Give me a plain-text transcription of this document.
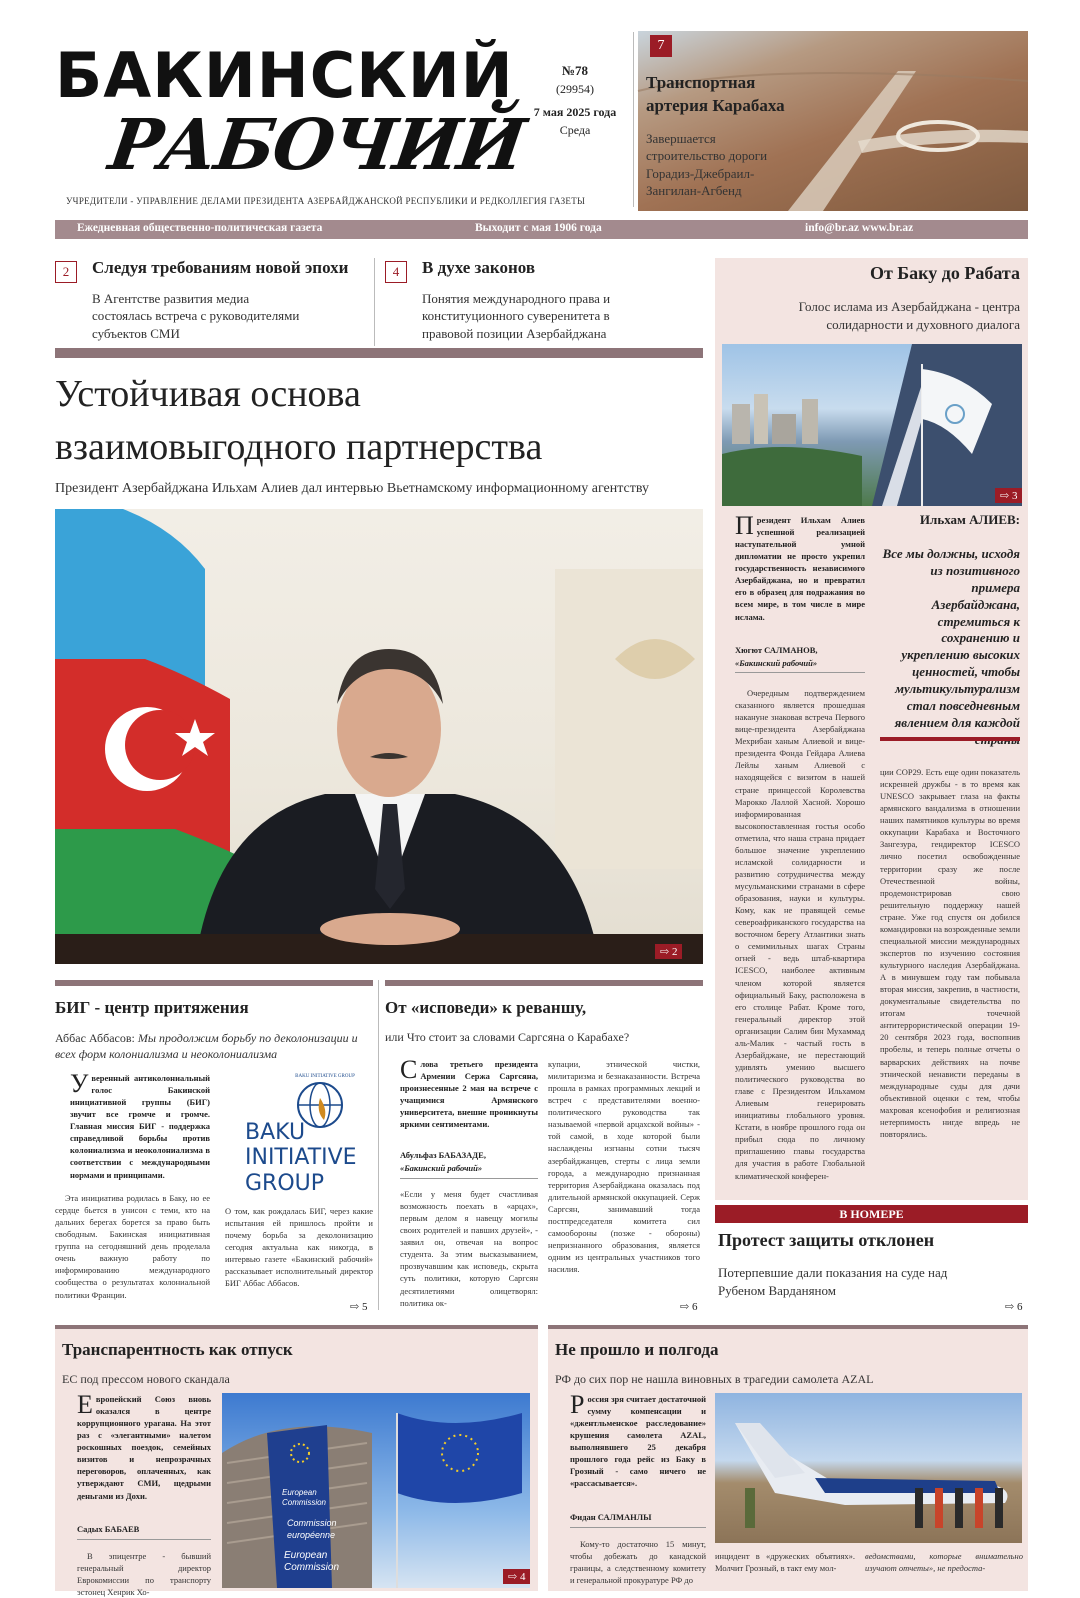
БАКИНСКИЙ
РАБОЧИЙ
№78
(29954)
7 мая 2025 года
Среда
УЧРЕДИТЕЛИ - УПРАВЛЕНИЕ ДЕЛАМИ ПРЕЗИДЕНТА АЗЕРБАЙДЖАНСКОЙ РЕСПУБЛИКИ И РЕДКОЛЛЕГИЯ ГАЗЕТЫ
7
Транспортная артерия Карабаха
Завершается строительство дороги Горадиз-Джебраил-Зангилан-Агбенд
Ежедневная общественно-политическая газета	Выходит с мая 1906 года	info@br.az www.br.az
2	Следуя требованиям новой эпохи
В Агентстве развития медиа состоялась встреча с руководителями субъектов СМИ
4	В духе законов
Понятия международного права и конституционного суверенитета в правовой позиции Азербайджана
Устойчивая основа
взаимовыгодного партнерства
Президент Азербайджана Ильхам Алиев дал интервью Вьетнамскому информационному агентству
⇨ 2
От Баку до Рабата
Голос ислама из Азербайджана - центра солидарности и духовного диалога
⇨ 3
Президент Ильхам Алиев успешной реализацией наступательной умной дипломатии не просто укрепил государственность независимого Азербайджана, но и превратил его в образец для подражания во всем мире, в том числе в мире ислама.
Хюгют САЛМАНОВ,
«Бакинский рабочий»
Ильхам АЛИЕВ:
Все мы должны, исходя из позитивного примера Азербайджана, стремиться к сохранению и укреплению высоких ценностей, чтобы мультикультурализм стал повседневным явлением для каждой
Очередным подтверждением сказанного является прошедшая накануне знаковая встреча Первого вице-президента Азербайджана Мехрибан ханым Алиевой и вице-президента Фонда Гейдара Алиева Лейлы ханым Алиевой с находящейся с визитом в нашей стране принцессой Королевства Марокко Лаллой Хасной. Хорошо информированная высокопоставленная гостья особо отметила, что наша страна придает большое значение укреплению исламской солидарности и развитию сотрудничества между мусульманскими странами в сфере образования, науки и культуры. Кому, как не правящей семье североафриканского государства на восточном берегу Атлантики знать о семимильных шагах Страны огней - ведь штаб-квартира ICESCO, наиболее активным членом которой является официальный Баку, расположена в его столице Рабат. Кроме того, генеральный директор этой организации Салим бин Мухаммад аль-Малик - частый гость в Азербайджане, не перестающий удивлять умению высшего политического руководства во главе с Президентом Ильхамом Алиевым генерировать инициативы глобального уровня. Кстати, в ноябре прошлого года он прибыл сюда по личному приглашению главы государства для участия в работе Глобальной климатической конферен-
ции COP29. Есть еще один показатель искренней дружбы - в то время как UNESCO закрывает глаза на факты армянского вандализма в отношении наших памятников культуры во время оккупации Карабаха и Восточного Зангезура, гендиректор ICESCO лично посетил освобожденные территории сразу же после Отечественной войны, продемонстрировав свою решительную поддержку нашей стране. Уже год спустя он добился командировки на возрожденные земли специальной миссии международных экспертов по изучению состояния культурного наследия Азербайджана. А в минувшем году там побывала вторая миссия, закрепив, в частности, документальные свидетельства по итогам точечной антитеррористической операции 19-20 сентября 2023 года, воспопнив пробелы, и теперь полные отчеты о варварских действиях на почве этнической ненависти переданы в международные суды для дачи объективной оценки с тем, чтобы махровая ксенофобия и религиозная нетерпимость нигде впредь не повторялись.
В НОМЕРЕ
Протест защиты отклонен
Потерпевшие дали показания на суде над Рубеном Варданяном
⇨ 6
БИГ - центр притяжения
Аббас Аббасов: Мы продолжим борьбу по деколонизации и всех форм колониализма и неоколониализма
Уверенный антиколониальный голос Бакинской инициативной группы (БИГ) звучит все громче и громче. Главная миссия БИГ - поддержка справедливой борьбы против колониализма и неоколониализма в соответствии с международными нормами и принципами.
Эта инициатива родилась в Баку, но ее сердце бьется в унисон с теми, кто на дальних берегах борется за право быть свободным. Бакинская инициативная группа на сегодняшний день проделала очень важную работу по информированию международного сообщества о результатах колониальной политики Франции.
BAKU INITIATIVE GROUP
BAKU
INITIATIVE
GROUP
О том, как рождалась БИГ, через какие испытания ей пришлось пройти и почему борьба за деколонизацию сегодня актуальна как никогда, в интервью газете «Бакинский рабочий» рассказывает исполнительный директор БИГ Аббас Аббасов.
⇨ 5
От «исповеди» к реваншу,
или Что стоит за словами Саргсяна о Карабахе?
Слова третьего президента Армении Сержа Саргсяна, произнесенные 2 мая на встрече с учащимися Армянского университета, внешне проникнуты яркими сентиментами.
Абульфаз БАБАЗАДЕ,
«Бакинский рабочий»
«Если у меня будет счастливая возможность поехать в «арцах», первым делом я навещу могилы своих родителей и павших друзей», - заявил он, отвечая на вопрос студента. За этим высказыванием, прозвучавшим как исповедь, скрыта суть политики, которую Саргсян десятилетиями олицетворял: политика ок-
купации, этнической чистки, милитаризма и безнаказанности. Встреча прошла в рамках программных лекций и встреч с представителями военно-политического руководства так называемой «первой арцахской войны» - той самой, в ходе которой были наслаждены изгнаны сотни тысяч азербайджанцев, стерты с лица земли города, а международно признанная территория Азербайджана оказалась под длительной армянской оккупацией. Серж Саргсян, занимавший тогда постпредседателя комитета сил самообороны (позже - обороны) непризнанного образования, является одним из центральных участников того насилия.
⇨ 6
Транспарентность как отпуск
ЕС под прессом нового скандала
Европейский Союз вновь оказался в центре коррупционного урагана. На этот раз с «элегантными» налетом роскошных поездок, семейных визитов и непрозрачных переговоров, оплаченных, как утверждают СМИ, щедрыми деньгами из Дохи.
Садых БАБАЕВ
В эпицентре - бывший генеральный директор Еврокомиссии по транспорту эстонец Хенрик Хо-
European
Commission
Commission
européenne
European
Commission
⇨ 4
Не прошло и полгода
РФ до сих пор не нашла виновных в трагедии самолета AZAL
Россия зря считает достаточной сумму компенсации и «джентльменское расследование» крушения самолета AZAL, выполнявшего 25 декабря прошлого года рейс из Баку в Грозный - само ничего не «рассасывается».
Фидан САЛМАНЛЫ
Кому-то достаточно 15 минут, чтобы добежать до канадской границы, а следственному комитету и генеральной прокуратуре РФ до
инцидент в «дружеских объятиях». Молчит Грозный, в такт ему мол-
ведомствами, которые внимательно изучают отчеты», не предоста-
